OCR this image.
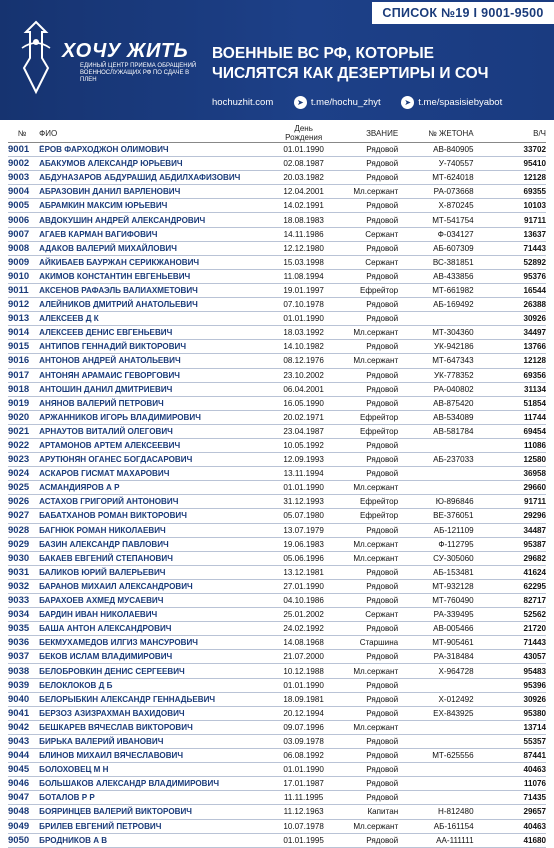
СПИСОК №19 І 9001-9500
ХОЧУ ЖИТЬ
ЕДИНЫЙ ЦЕНТР ПРИЕМА ОБРАЩЕНИЙ ВОЕННОСЛУЖАЩИХ РФ ПО СДАЧЕ В ПЛЕН
ВОЕННЫЕ ВС РФ, КОТОРЫЕ
ЧИСЛЯТСЯ КАК ДЕЗЕРТИРЫ И СОЧ
hochuzhit.com	➤ t.me/hochu_zhyt	➤ t.me/spasisiebyabot
№	ФИО	День Рождения	ЗВАНИЕ	№ ЖЕТОНА	В/Ч
9001	ЁРОВ ФАРХОДЖОН ОЛИМОВИЧ	01.01.1990	Рядовой	АВ-840905	33702
9002	АБАКУМОВ АЛЕКСАНДР ЮРЬЕВИЧ	02.08.1987	Рядовой	У-740557	95410
9003	АБДУНАЗАРОВ АБДУРАШИД АБДИЛХАФИЗОВИЧ	20.03.1982	Рядовой	МТ-624018	12128
9004	АБРАЗОВИН ДАНИЛ ВАРЛЕНОВИЧ	12.04.2001	Мл.сержант	РА-073668	69355
9005	АБРАМКИН МАКСИМ ЮРЬЕВИЧ	14.02.1991	Рядовой	Х-870245	10103
9006	АВДОКУШИН АНДРЕЙ АЛЕКСАНДРОВИЧ	18.08.1983	Рядовой	МТ-541754	91711
9007	АГАЕВ КАРМАН ВАГИФОВИЧ	14.11.1986	Сержант	Ф-034127	13637
9008	АДАКОВ ВАЛЕРИЙ МИХАЙЛОВИЧ	12.12.1980	Рядовой	АБ-607309	71443
9009	АЙКИБАЕВ БАУРЖАН СЕРИКЖАНОВИЧ	15.03.1998	Сержант	ВС-381851	52892
9010	АКИМОВ КОНСТАНТИН ЕВГЕНЬЕВИЧ	11.08.1994	Рядовой	АВ-433856	95376
9011	АКСЕНОВ РАФАЭЛЬ ВАЛИАХМЕТОВИЧ	19.01.1997	Ефрейтор	МТ-661982	16544
9012	АЛЕЙНИКОВ ДМИТРИЙ АНАТОЛЬЕВИЧ	07.10.1978	Рядовой	АБ-169492	26388
9013	АЛЕКСЕЕВ Д К	01.01.1990	Рядовой		30926
9014	АЛЕКСЕЕВ ДЕНИС ЕВГЕНЬЕВИЧ	18.03.1992	Мл.сержант	МТ-304360	34497
9015	АНТИПОВ ГЕННАДИЙ ВИКТОРОВИЧ	14.10.1982	Рядовой	УК-942186	13766
9016	АНТОНОВ АНДРЕЙ АНАТОЛЬЕВИЧ	08.12.1976	Мл.сержант	МТ-647343	12128
9017	АНТОНЯН АРАМАИС ГЕВОРГОВИЧ	23.10.2002	Рядовой	УК-778352	69356
9018	АНТОШИН ДАНИЛ ДМИТРИЕВИЧ	06.04.2001	Рядовой	РА-040802	31134
9019	АНЯНОВ ВАЛЕРИЙ ПЕТРОВИЧ	16.05.1990	Рядовой	АВ-875420	51854
9020	АРЖАННИКОВ ИГОРЬ ВЛАДИМИРОВИЧ	20.02.1971	Ефрейтор	АВ-534089	11744
9021	АРНАУТОВ ВИТАЛИЙ ОЛЕГОВИЧ	23.04.1987	Ефрейтор	АВ-581784	69454
9022	АРТАМОНОВ АРТЕМ АЛЕКСЕЕВИЧ	10.05.1992	Рядовой		11086
9023	АРУТЮНЯН ОГАНЕС БОГДАСАРОВИЧ	12.09.1993	Рядовой	АБ-237033	12580
9024	АСКАРОВ ГИСМАТ МАХАРОВИЧ	13.11.1994	Рядовой		36958
9025	АСМАНДИЯРОВ А Р	01.01.1990	Мл.сержант		29660
9026	АСТАХОВ ГРИГОРИЙ АНТОНОВИЧ	31.12.1993	Ефрейтор	Ю-896846	91711
9027	БАБАТХАНОВ РОМАН ВИКТОРОВИЧ	05.07.1980	Ефрейтор	ВЕ-376051	29296
9028	БАГНЮК РОМАН НИКОЛАЕВИЧ	13.07.1979	Рядовой	АБ-121109	34487
9029	БАЗИН АЛЕКСАНДР ПАВЛОВИЧ	19.06.1983	Мл.сержант	Ф-112795	95387
9030	БАКАЕВ ЕВГЕНИЙ СТЕПАНОВИЧ	05.06.1996	Мл.сержант	СУ-305060	29682
9031	БАЛИКОВ ЮРИЙ ВАЛЕРЬЕВИЧ	13.12.1981	Рядовой	АБ-153481	41624
9032	БАРАНОВ МИХАИЛ АЛЕКСАНДРОВИЧ	27.01.1990	Рядовой	МТ-932128	62295
9033	БАРАХОЕВ АХМЕД МУСАЕВИЧ	04.10.1986	Рядовой	МТ-760490	82717
9034	БАРДИН ИВАН НИКОЛАЕВИЧ	25.01.2002	Сержант	РА-339495	52562
9035	БАША АНТОН АЛЕКСАНДРОВИЧ	24.02.1992	Рядовой	АВ-005466	21720
9036	БЕКМУХАМЕДОВ ИЛГИЗ МАНСУРОВИЧ	14.08.1968	Старшина	МТ-905461	71443
9037	БЕКОВ ИСЛАМ ВЛАДИМИРОВИЧ	21.07.2000	Рядовой	РА-318484	43057
9038	БЕЛОБРОВКИН ДЕНИС СЕРГЕЕВИЧ	10.12.1988	Мл.сержант	Х-964728	95483
9039	БЕЛОКЛОКОВ Д Б	01.01.1990	Рядовой		95396
9040	БЕЛОРЫБКИН АЛЕКСАНДР ГЕННАДЬЕВИЧ	18.09.1981	Рядовой	Х-012492	30926
9041	БЕРЗОЗ АЗИЗРАХМАН ВАХИДОВИЧ	20.12.1994	Рядовой	ЕХ-843925	95380
9042	БЕШКАРЕВ ВЯЧЕСЛАВ ВИКТОРОВИЧ	09.07.1996	Мл.сержант		13714
9043	БИРЬКА ВАЛЕРИЙ ИВАНОВИЧ	03.09.1978	Рядовой		55357
9044	БЛИНОВ МИХАИЛ ВЯЧЕСЛАВОВИЧ	06.08.1992	Рядовой	МТ-625556	87441
9045	БОЛОХОВЕЦ М Н	01.01.1990	Рядовой		40463
9046	БОЛЬШАКОВ АЛЕКСАНДР ВЛАДИМИРОВИЧ	17.01.1987	Рядовой		11076
9047	БОТАЛОВ Р Р	11.11.1995	Рядовой		71435
9048	БОЯРИНЦЕВ ВАЛЕРИЙ ВИКТОРОВИЧ	11.12.1963	Капитан	Н-812480	29657
9049	БРИЛЕВ ЕВГЕНИЙ ПЕТРОВИЧ	10.07.1978	Мл.сержант	АБ-161154	40463
9050	БРОДНИКОВ А В	01.01.1995	Рядовой	АА-111111	41680
